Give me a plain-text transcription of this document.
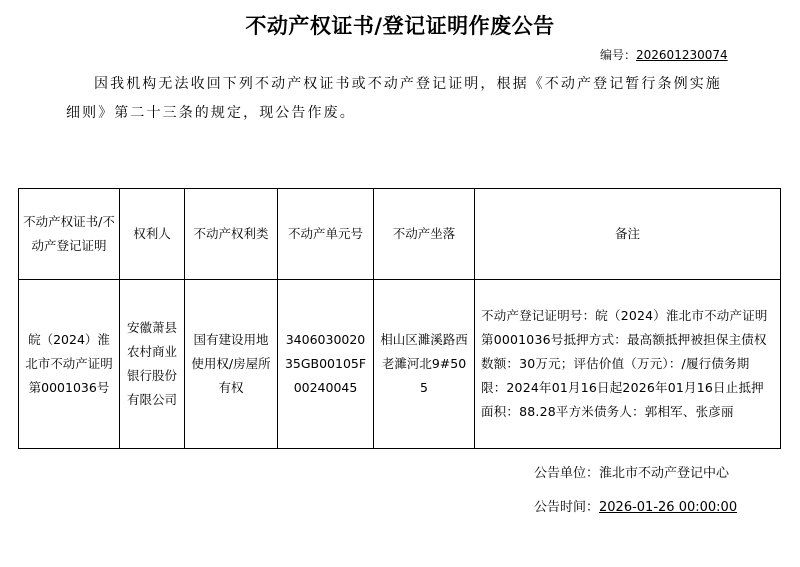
不动产权证书/登记证明作废公告
编号：202601230074
因我机构无法收回下列不动产权证书或不动产登记证明，根据《不动产登记暂行条例实施细则》第二十三条的规定，现公告作废。
不动产权证书/不动产登记证明	权利人	不动产权利类	不动产单元号	不动产坐落	备注
皖（2024）淮北市不动产证明第0001036号	安徽萧县农村商业银行股份有限公司	国有建设用地使用权/房屋所有权	340603002035GB00105F00240045	相山区濉溪路西老濉河北9#505	不动产登记证明号：皖（2024）淮北市不动产证明第0001036号抵押方式：最高额抵押被担保主债权数额：30万元；评估价值（万元）：/履行债务期限：2024年01月16日起2026年01月16日止抵押面积：88.28平方米债务人：郭相军、张彦丽
公告单位：淮北市不动产登记中心
公告时间：2026-01-26 00:00:00
